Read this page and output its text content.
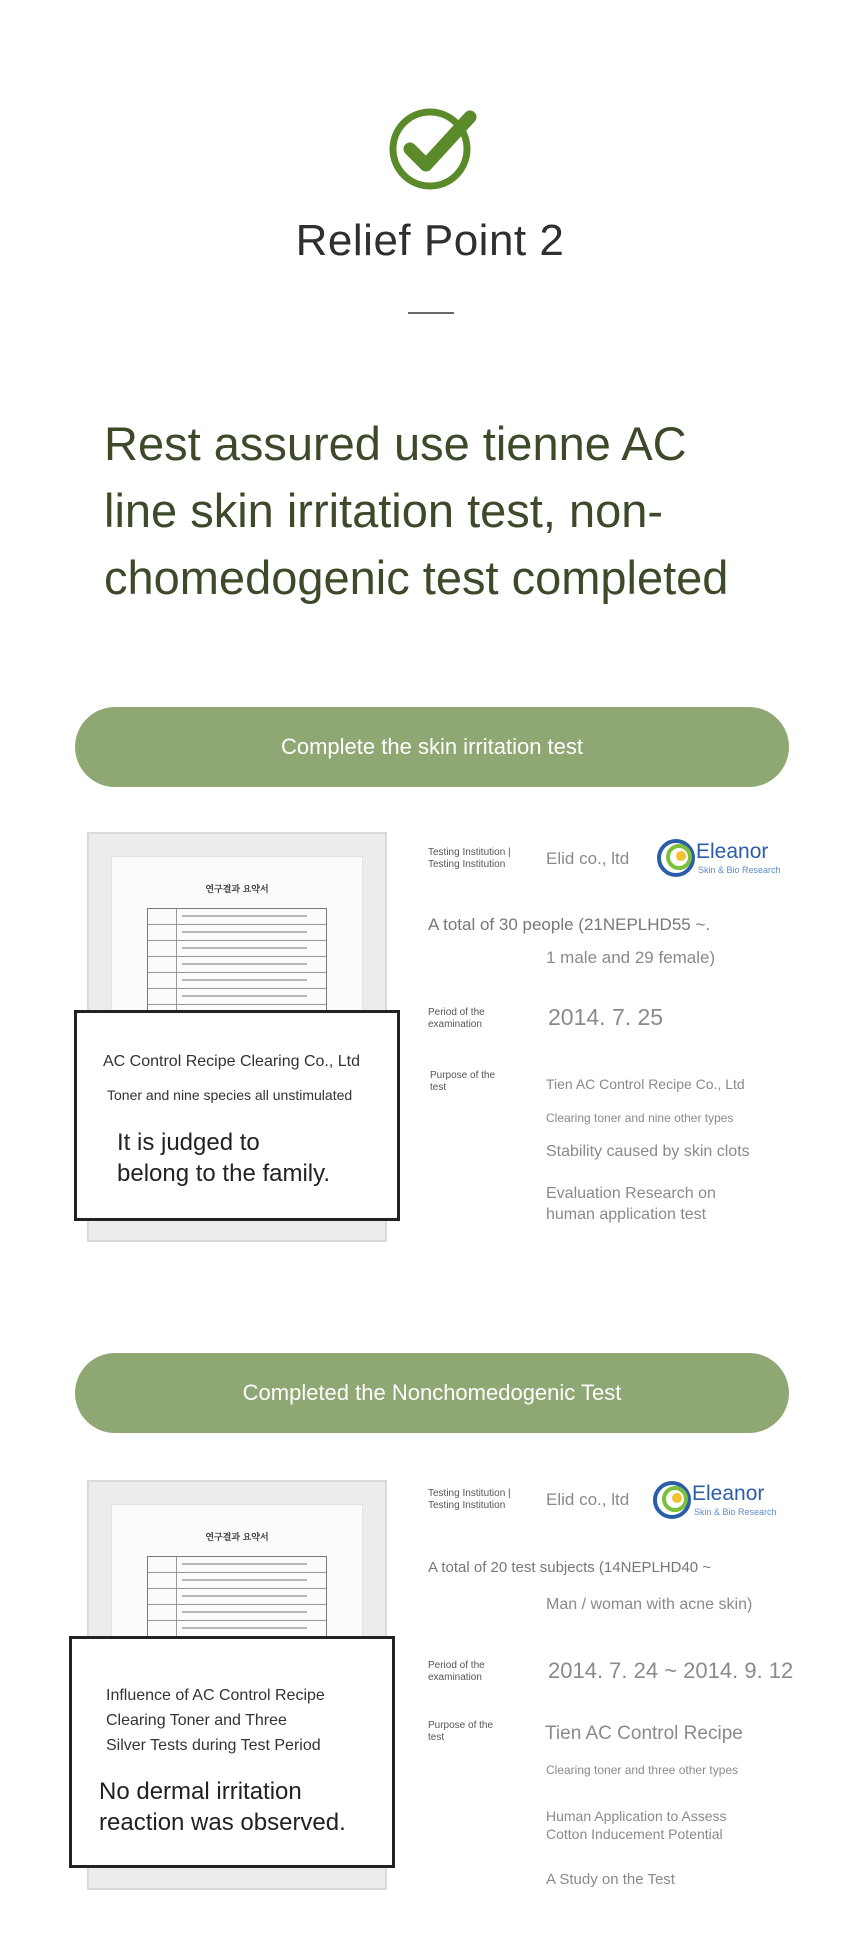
Relief Point 2
Rest assured use tienne AC
line skin irritation test, non-
chomedogenic test completed
Complete the skin irritation test
연구결과 요약서
AC Control Recipe Clearing Co., Ltd
Toner and nine species all unstimulated
It is judged to
belong to the family.
Testing Institution |
Testing Institution	Elid co., ltd	Eleanor
Skin & Bio Research
A total of 30 people (21NEPLHD55 ~.
1 male and 29 female)
Period of the
examination	2014. 7. 25
Purpose of the
test	Tien AC Control Recipe Co., Ltd
Clearing toner and nine other types
Stability caused by skin clots
Evaluation Research on
human application test
Completed the Nonchomedogenic Test
연구결과 요약서
Influence of AC Control Recipe
Clearing Toner and Three
Silver Tests during Test Period
No dermal irritation
reaction was observed.
Testing Institution |
Testing Institution	Elid co., ltd	Eleanor
Skin & Bio Research
A total of 20 test subjects (14NEPLHD40 ~
Man / woman with acne skin)
Period of the
examination	2014. 7. 24 ~ 2014. 9. 12
Purpose of the
test	Tien AC Control Recipe
Clearing toner and three other types
Human Application to Assess
Cotton Inducement Potential
A Study on the Test
